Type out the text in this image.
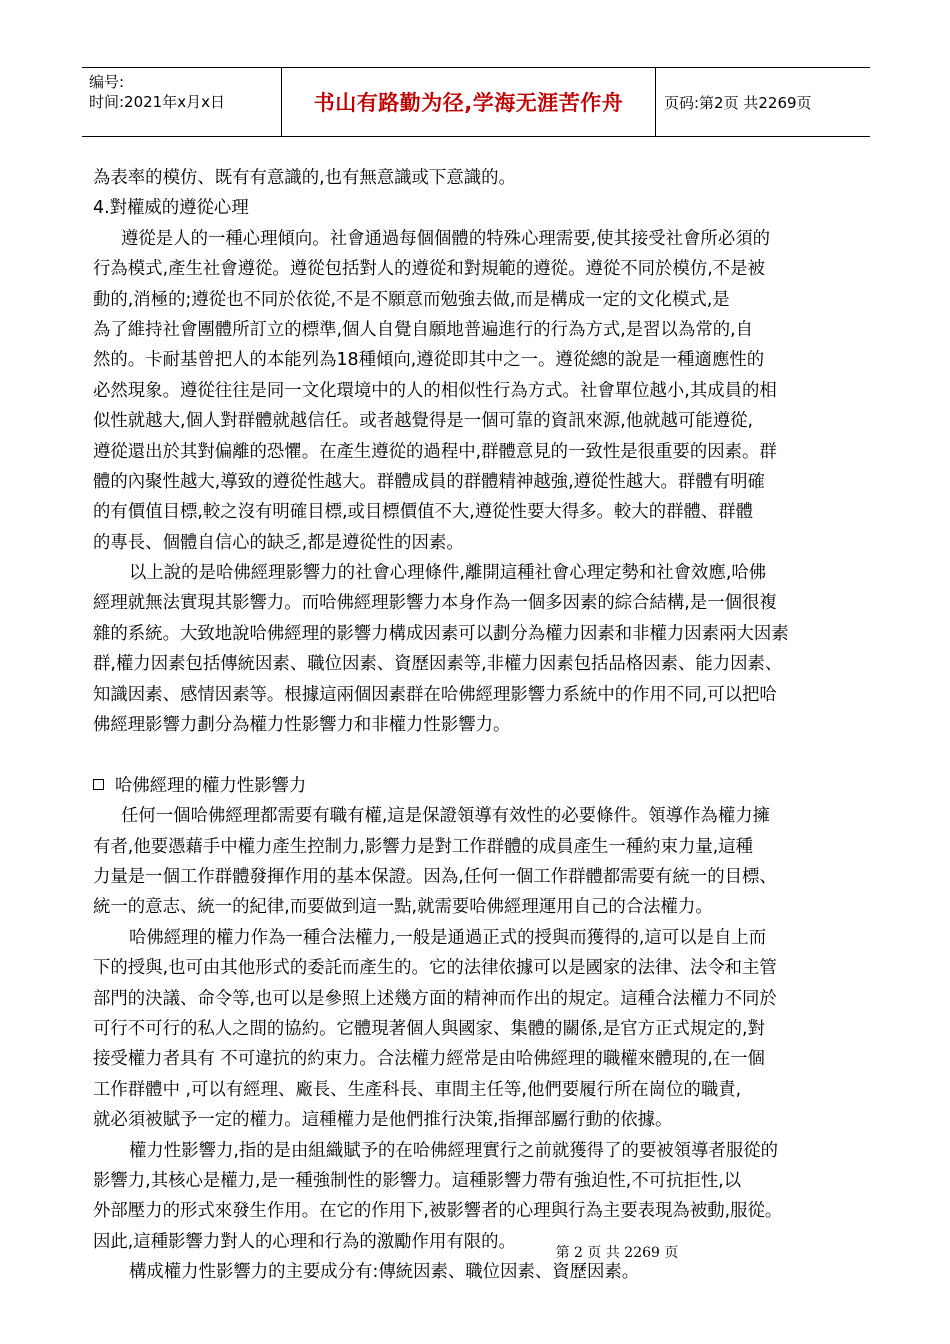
编号:
时间:2021年x月x日	书山有路勤为径,学海无涯苦作舟	页码:第2页 共2269页
為表率的模仿、既有有意識的,也有無意識或下意識的。
4.對權威的遵從心理
遵從是人的一種心理傾向。社會通過每個個體的特殊心理需要,使其接受社會所必須的
行為模式,產生社會遵從。遵從包括對人的遵從和對規範的遵從。遵從不同於模仿,不是被
動的,消極的;遵從也不同於依從,不是不願意而勉強去做,而是構成一定的文化模式,是
為了維持社會團體所訂立的標準,個人自覺自願地普遍進行的行為方式,是習以為常的,自
然的。卡耐基曾把人的本能列為18種傾向,遵從即其中之一。遵從總的說是一種適應性的
必然現象。遵從往往是同一文化環境中的人的相似性行為方式。社會單位越小,其成員的相
似性就越大,個人對群體就越信任。或者越覺得是一個可靠的資訊來源,他就越可能遵從,
遵從還出於其對偏離的恐懼。在產生遵從的過程中,群體意見的一致性是很重要的因素。群
體的內聚性越大,導致的遵從性越大。群體成員的群體精神越強,遵從性越大。群體有明確
的有價值目標,較之沒有明確目標,或目標價值不大,遵從性要大得多。較大的群體、群體
的專長、個體自信心的缺乏,都是遵從性的因素。
以上說的是哈佛經理影響力的社會心理條件,離開這種社會心理定勢和社會效應,哈佛
經理就無法實現其影響力。而哈佛經理影響力本身作為一個多因素的綜合結構,是一個很複
雜的系統。大致地說哈佛經理的影響力構成因素可以劃分為權力因素和非權力因素兩大因素
群,權力因素包括傳統因素、職位因素、資歷因素等,非權力因素包括品格因素、能力因素、
知識因素、感情因素等。根據這兩個因素群在哈佛經理影響力系統中的作用不同,可以把哈
佛經理影響力劃分為權力性影響力和非權力性影響力。
哈佛經理的權力性影響力
任何一個哈佛經理都需要有職有權,這是保證領導有效性的必要條件。領導作為權力擁
有者,他要憑藉手中權力產生控制力,影響力是對工作群體的成員產生一種約束力量,這種
力量是一個工作群體發揮作用的基本保證。因為,任何一個工作群體都需要有統一的目標、
統一的意志、統一的紀律,而要做到這一點,就需要哈佛經理運用自己的合法權力。
哈佛經理的權力作為一種合法權力,一般是通過正式的授與而獲得的,這可以是自上而
下的授與,也可由其他形式的委託而產生的。它的法律依據可以是國家的法律、法令和主管
部門的決議、命令等,也可以是參照上述幾方面的精神而作出的規定。這種合法權力不同於
可行不可行的私人之間的協約。它體現著個人與國家、集體的關係,是官方正式規定的,對
接受權力者具有 不可違抗的約束力。合法權力經常是由哈佛經理的職權來體現的,在一個
工作群體中 ,可以有經理、廠長、生產科長、車間主任等,他們要履行所在崗位的職責,
就必須被賦予一定的權力。這種權力是他們推行決策,指揮部屬行動的依據。
權力性影響力,指的是由組織賦予的在哈佛經理實行之前就獲得了的要被領導者服從的
影響力,其核心是權力,是一種強制性的影響力。這種影響力帶有強迫性,不可抗拒性,以
外部壓力的形式來發生作用。在它的作用下,被影響者的心理與行為主要表現為被動,服從。
因此,這種影響力對人的心理和行為的激勵作用有限的。
構成權力性影響力的主要成分有:傳統因素、職位因素、資歷因素。
第 2 页 共 2269 页
